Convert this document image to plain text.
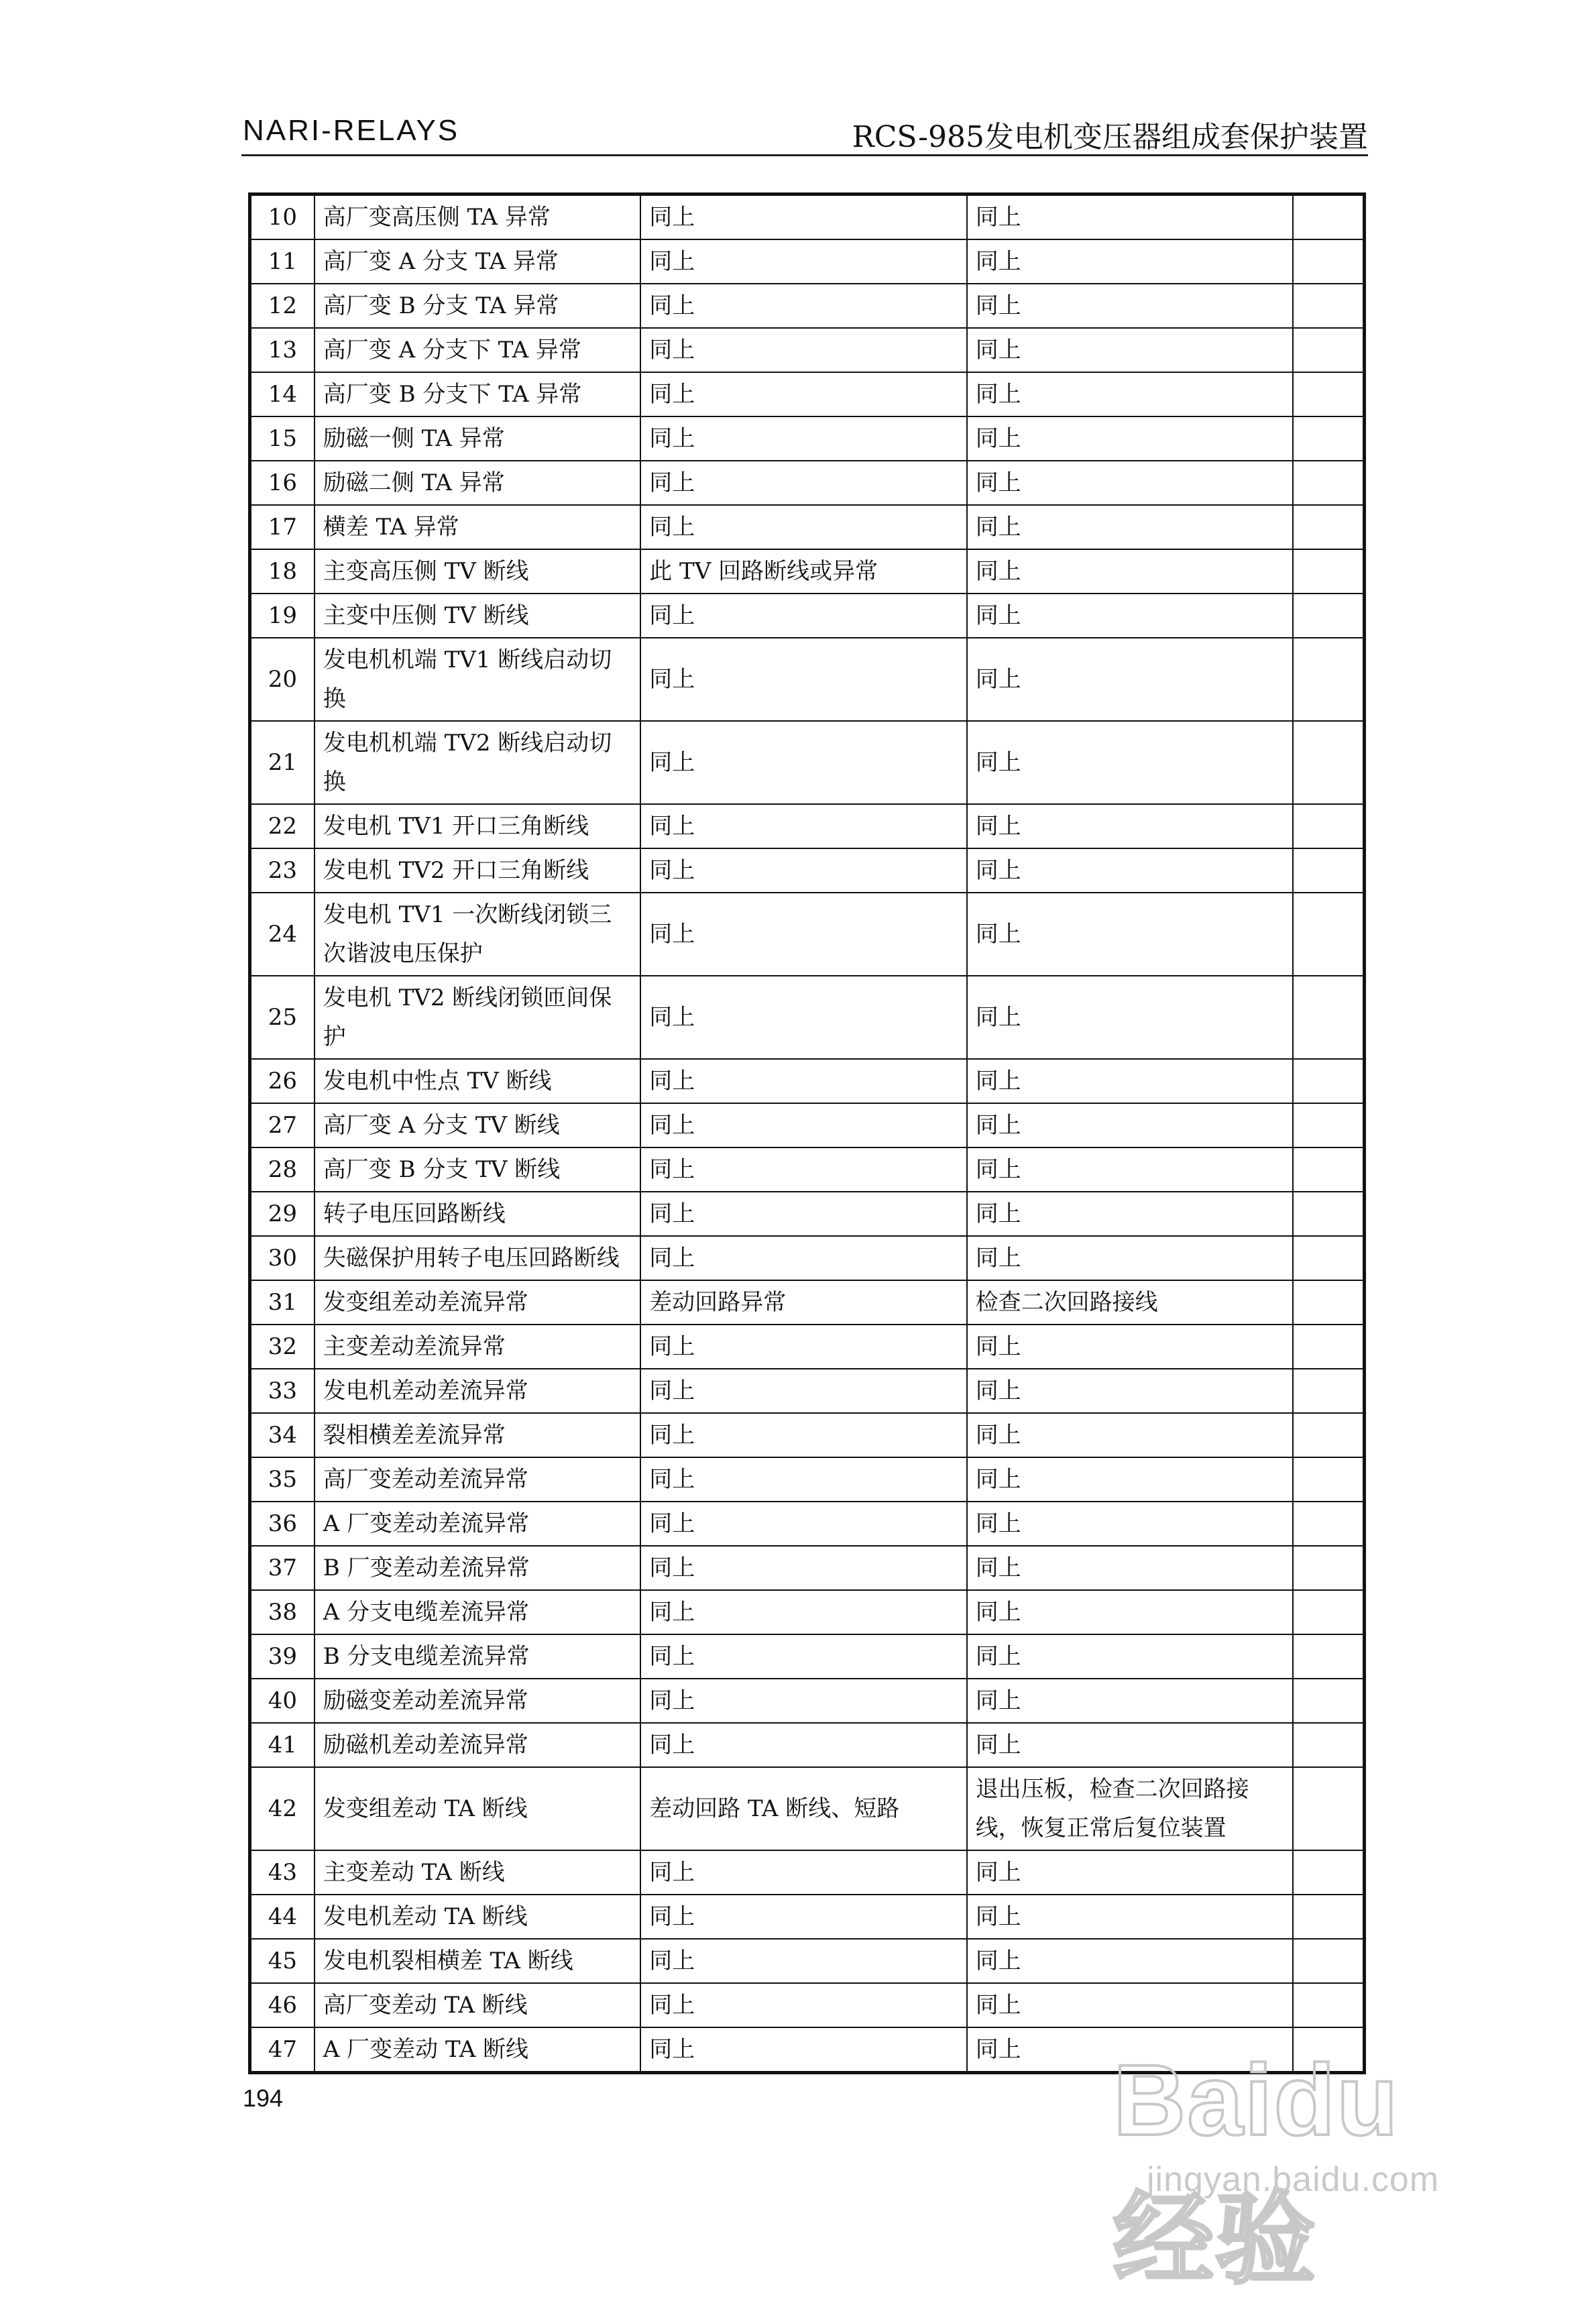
NARI-RELAYS	RCS-985发电机变压器组成套保护装置
10	高厂变高压侧 TA 异常	同上	同上	
11	高厂变 A 分支 TA 异常	同上	同上	
12	高厂变 B 分支 TA 异常	同上	同上	
13	高厂变 A 分支下 TA 异常	同上	同上	
14	高厂变 B 分支下 TA 异常	同上	同上	
15	励磁一侧 TA 异常	同上	同上	
16	励磁二侧 TA 异常	同上	同上	
17	横差 TA 异常	同上	同上	
18	主变高压侧 TV 断线	此 TV 回路断线或异常	同上	
19	主变中压侧 TV 断线	同上	同上	
20	发电机机端 TV1 断线启动切换	同上	同上	
21	发电机机端 TV2 断线启动切换	同上	同上	
22	发电机 TV1 开口三角断线	同上	同上	
23	发电机 TV2 开口三角断线	同上	同上	
24	发电机 TV1 一次断线闭锁三次谐波电压保护	同上	同上	
25	发电机 TV2 断线闭锁匝间保护	同上	同上	
26	发电机中性点 TV 断线	同上	同上	
27	高厂变 A 分支 TV 断线	同上	同上	
28	高厂变 B 分支 TV 断线	同上	同上	
29	转子电压回路断线	同上	同上	
30	失磁保护用转子电压回路断线	同上	同上	
31	发变组差动差流异常	差动回路异常	检查二次回路接线	
32	主变差动差流异常	同上	同上	
33	发电机差动差流异常	同上	同上	
34	裂相横差差流异常	同上	同上	
35	高厂变差动差流异常	同上	同上	
36	A 厂变差动差流异常	同上	同上	
37	B 厂变差动差流异常	同上	同上	
38	A 分支电缆差流异常	同上	同上	
39	B 分支电缆差流异常	同上	同上	
40	励磁变差动差流异常	同上	同上	
41	励磁机差动差流异常	同上	同上	
42	发变组差动 TA 断线	差动回路 TA 断线、短路	退出压板，检查二次回路接线，恢复正常后复位装置	
43	主变差动 TA 断线	同上	同上	
44	发电机差动 TA 断线	同上	同上	
45	发电机裂相横差 TA 断线	同上	同上	
46	高厂变差动 TA 断线	同上	同上	
47	A 厂变差动 TA 断线	同上	同上	
194	Baidu 经验
jingyan.baidu.com
